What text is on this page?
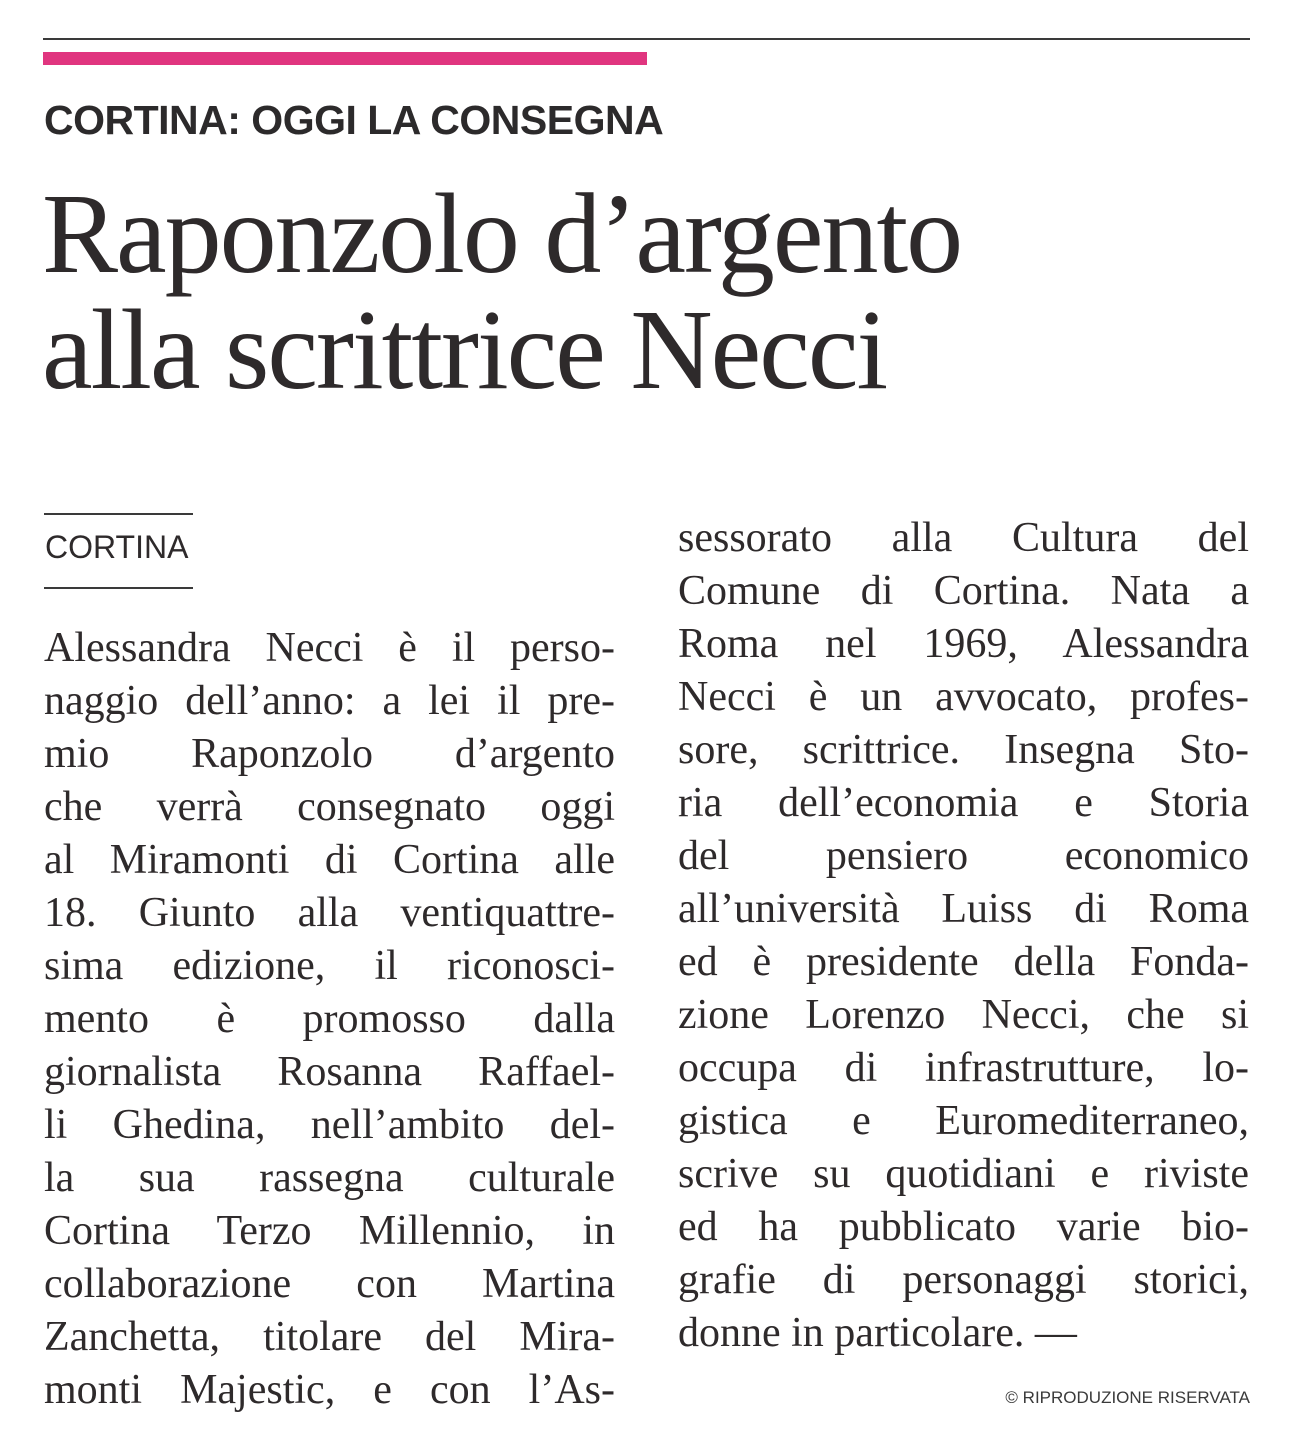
CORTINA: OGGI LA CONSEGNA
Raponzolo d’argento
alla scrittrice Necci
CORTINA
Alessandra Necci è il perso-
naggio dell’anno: a lei il pre-
mio Raponzolo d’argento
che verrà consegnato oggi
al Miramonti di Cortina alle
18. Giunto alla ventiquattre-
sima edizione, il riconosci-
mento è promosso dalla
giornalista Rosanna Raffael-
li Ghedina, nell’ambito del-
la sua rassegna culturale
Cortina Terzo Millennio, in
collaborazione con Martina
Zanchetta, titolare del Mira-
monti Majestic, e con l’As-
sessorato alla Cultura del
Comune di Cortina. Nata a
Roma nel 1969, Alessandra
Necci è un avvocato, profes-
sore, scrittrice. Insegna Sto-
ria dell’economia e Storia
del pensiero economico
all’università Luiss di Roma
ed è presidente della Fonda-
zione Lorenzo Necci, che si
occupa di infrastrutture, lo-
gistica e Euromediterraneo,
scrive su quotidiani e riviste
ed ha pubblicato varie bio-
grafie di personaggi storici,
donne in particolare. —
© RIPRODUZIONE RISERVATA
